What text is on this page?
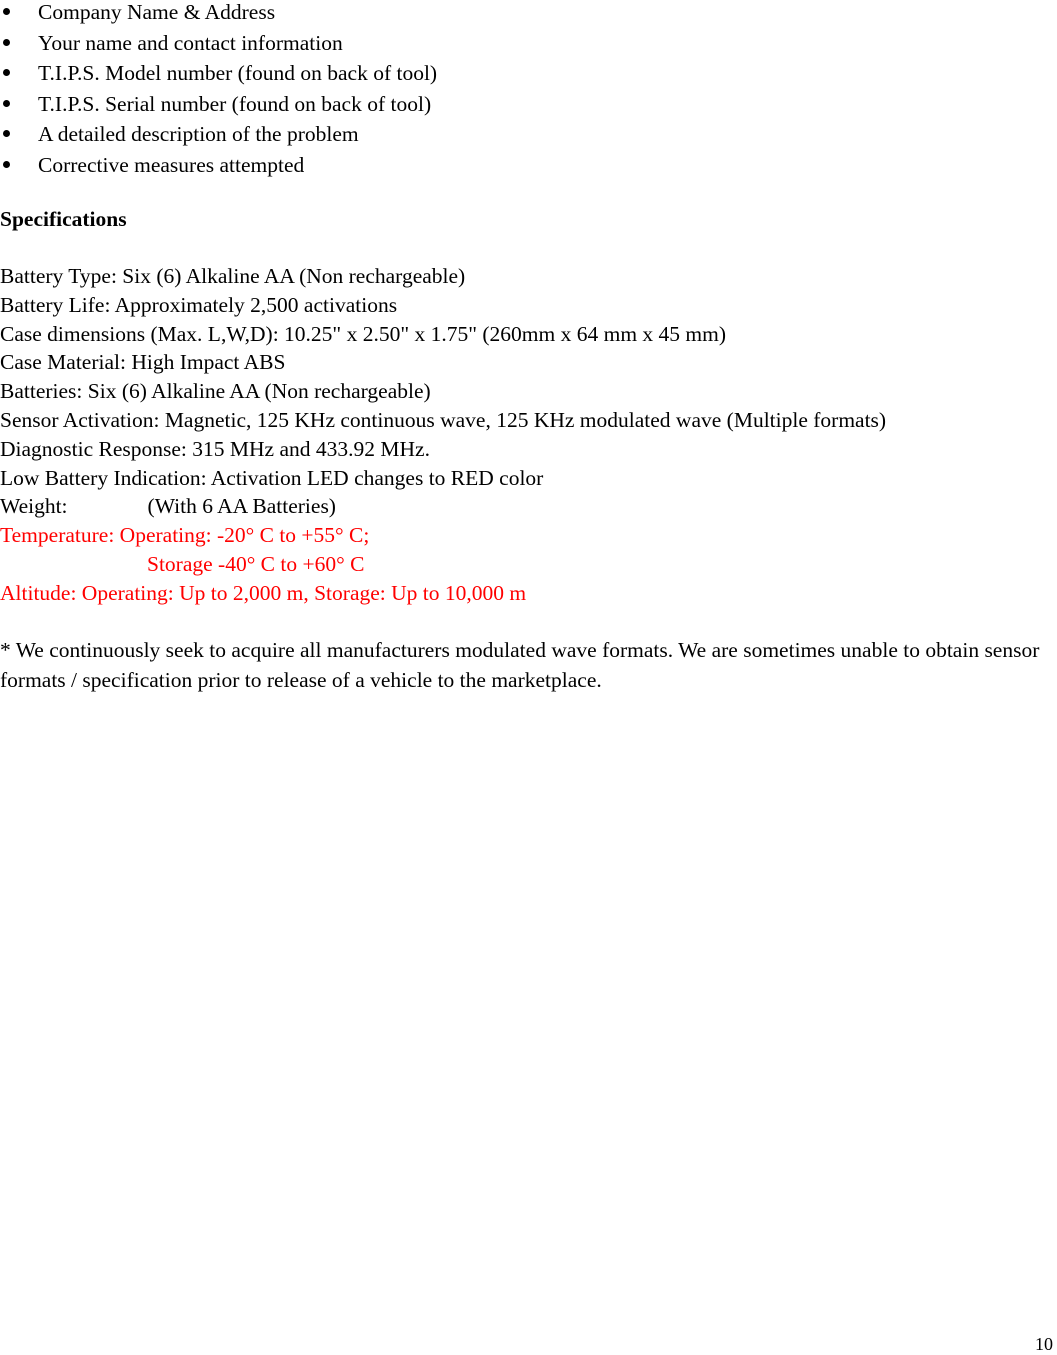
Company Name & Address
Your name and contact information
T.I.P.S. Model number (found on back of tool)
T.I.P.S. Serial number (found on back of tool)
A detailed description of the problem
Corrective measures attempted
Specifications
Battery Type: Six (6) Alkaline AA (Non rechargeable)
Battery Life: Approximately 2,500 activations
Case dimensions (Max. L,W,D): 10.25" x 2.50" x 1.75" (260mm x 64 mm x 45 mm)
Case Material: High Impact ABS
Batteries: Six (6) Alkaline AA (Non rechargeable)
Sensor Activation: Magnetic, 125 KHz continuous wave, 125 KHz modulated wave (Multiple formats)
Diagnostic Response: 315 MHz and 433.92 MHz.
Low Battery Indication: Activation LED changes to RED color
Weight:	(With 6 AA Batteries)
Temperature: Operating: -20° C to +55° C;
Storage -40° C to +60° C
Altitude: Operating: Up to 2,000 m, Storage: Up to 10,000 m

* We continuously seek to acquire all manufacturers modulated wave formats. We are sometimes unable to obtain sensor formats / specification prior to release of a vehicle to the marketplace.

10
